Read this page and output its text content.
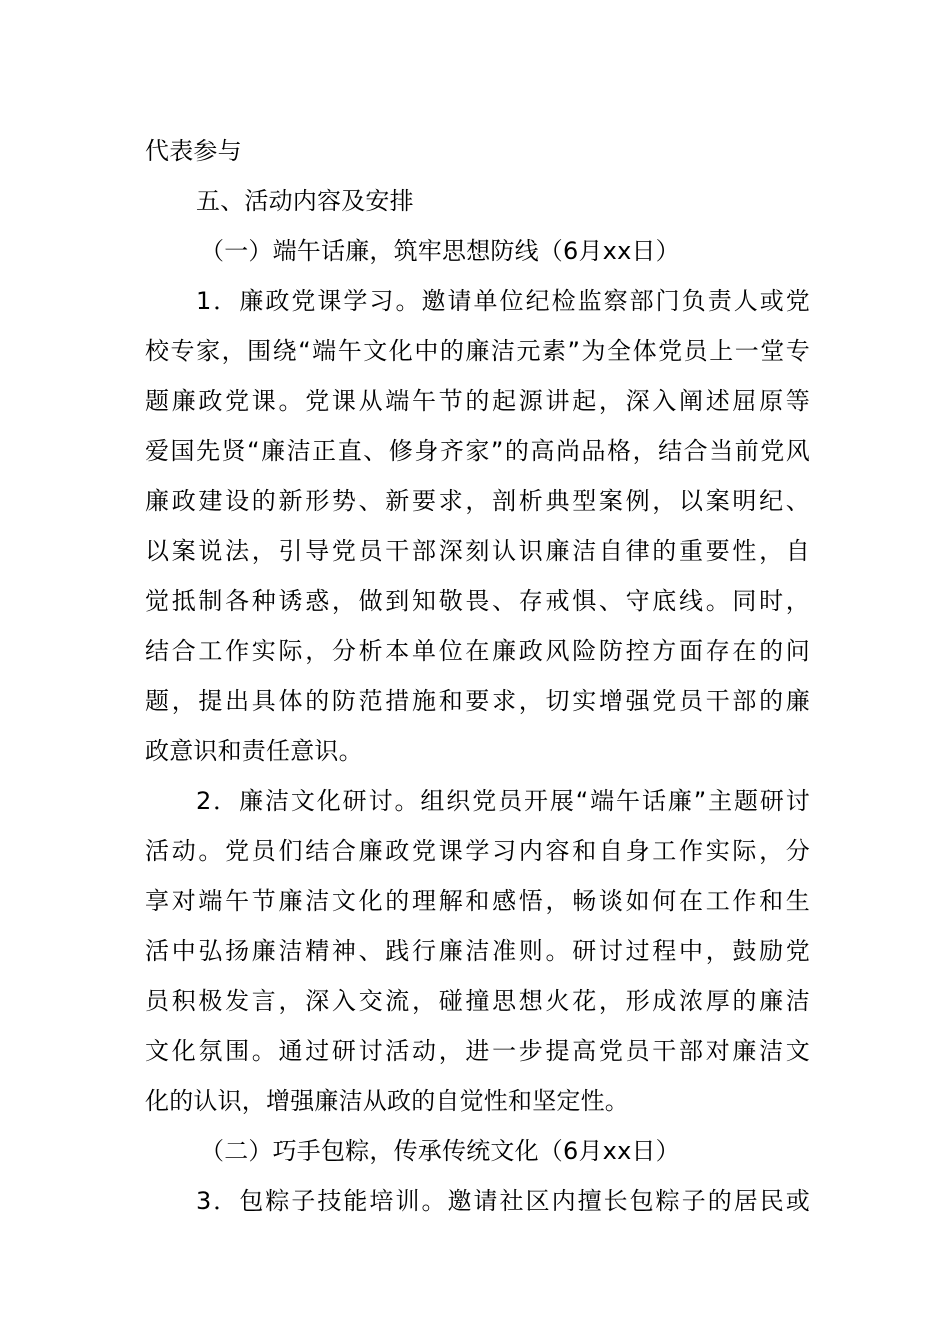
代表参与
五、活动内容及安排
（一）端午话廉，筑牢思想防线（6月xx日）
1．廉政党课学习。邀请单位纪检监察部门负责人或党
校专家，围绕“端午文化中的廉洁元素”为全体党员上一堂专
题廉政党课。党课从端午节的起源讲起，深入阐述屈原等
爱国先贤“廉洁正直、修身齐家”的高尚品格，结合当前党风
廉政建设的新形势、新要求，剖析典型案例，以案明纪、
以案说法，引导党员干部深刻认识廉洁自律的重要性，自
觉抵制各种诱惑，做到知敬畏、存戒惧、守底线。同时，
结合工作实际，分析本单位在廉政风险防控方面存在的问
题，提出具体的防范措施和要求，切实增强党员干部的廉
政意识和责任意识。
2．廉洁文化研讨。组织党员开展“端午话廉”主题研讨
活动。党员们结合廉政党课学习内容和自身工作实际，分
享对端午节廉洁文化的理解和感悟，畅谈如何在工作和生
活中弘扬廉洁精神、践行廉洁准则。研讨过程中，鼓励党
员积极发言，深入交流，碰撞思想火花，形成浓厚的廉洁
文化氛围。通过研讨活动，进一步提高党员干部对廉洁文
化的认识，增强廉洁从政的自觉性和坚定性。
（二）巧手包粽，传承传统文化（6月xx日）
3．包粽子技能培训。邀请社区内擅长包粽子的居民或
